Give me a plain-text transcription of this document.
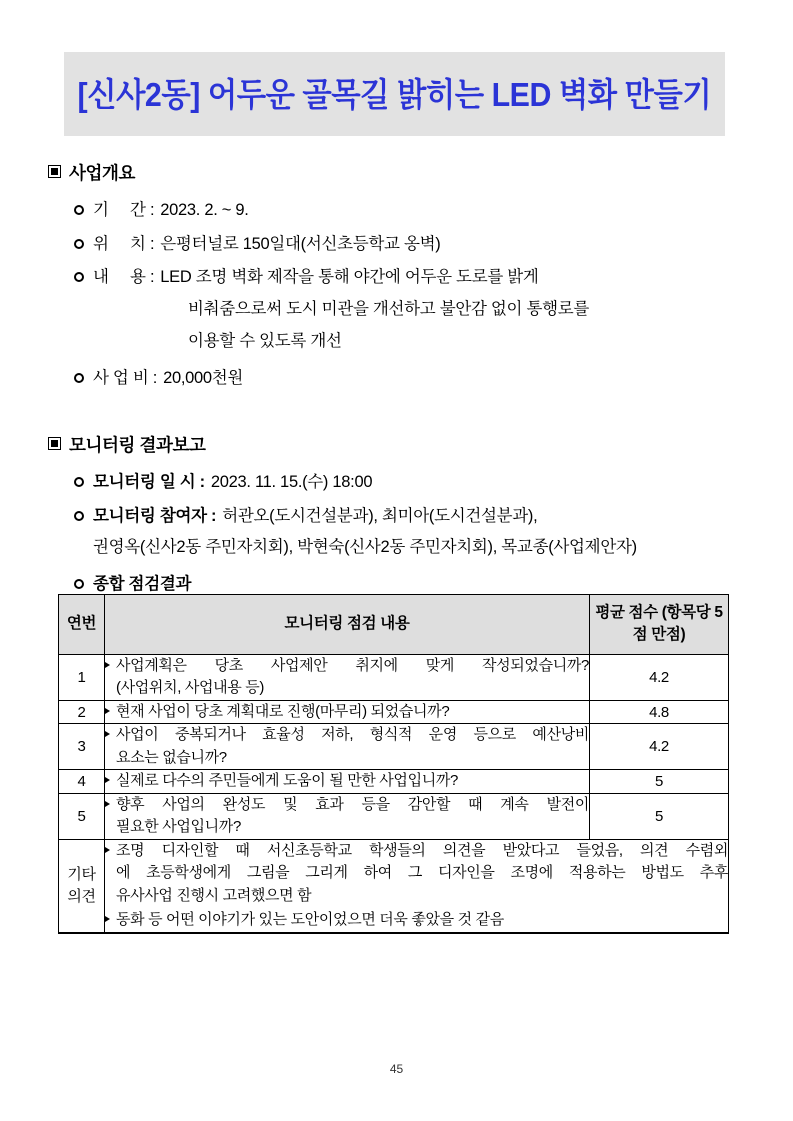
[신사2동] 어두운 골목길 밝히는 LED 벽화 만들기
사업개요
기     간 : 2023. 2. ~ 9.
위     치 : 은평터널로 150일대(서신초등학교 옹벽)
내     용 : LED 조명 벽화 제작을 통해 야간에 어두운 도로를 밝게
비춰줌으로써 도시 미관을 개선하고 불안감 없이 통행로를
이용할 수 있도록 개선
사 업 비 : 20,000천원
모니터링 결과보고
모니터링 일 시 : 2023. 11. 15.(수) 18:00
모니터링 참여자 : 허관오(도시건설분과), 최미아(도시건설분과),
권영옥(신사2동 주민자치회), 박현숙(신사2동 주민자치회), 목교종(사업제안자)
종합 점검결과
연번	모니터링 점검 내용	평균 점수 (항목당 5점 만점)
1	사업계획은 당초 사업제안 취지에 맞게 작성되었습니까?
(사업위치, 사업내용 등)	4.2
2	현재 사업이 당초 계획대로 진행(마무리) 되었습니까?	4.8
3	사업이 중복되거나 효율성 저하, 형식적 운영 등으로 예산낭비
요소는 없습니까?	4.2
4	실제로 다수의 주민들에게 도움이 될 만한 사업입니까?	5
5	향후 사업의 완성도 및 효과 등을 감안할 때 계속 발전이
필요한 사업입니까?	5
기타 의견	조명 디자인할 때 서신초등학교 학생들의 의견을 받았다고 들었음, 의견 수렴외
에 초등학생에게 그림을 그리게 하여 그 디자인을 조명에 적용하는 방법도 추후
유사사업 진행시 고려했으면 함
동화 등 어떤 이야기가 있는 도안이었으면 더욱 좋았을 것 같음	
45
